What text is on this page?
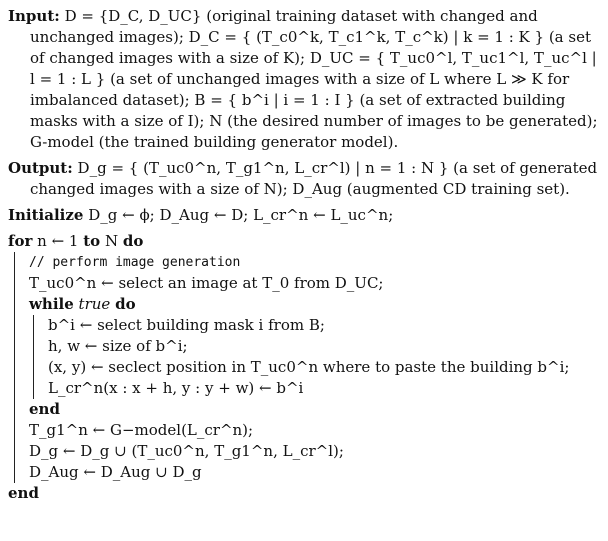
Input: D = {D_C, D_UC} (original training dataset with changed and unchanged images); D_C = { (T_c0^k, T_c1^k, T_c^k) | k = 1 : K } (a set of changed images with a size of K); D_UC = { T_uc0^l, T_uc1^l, T_uc^l | l = 1 : L } (a set of unchanged images with a size of L where L ≫ K for imbalanced dataset); B = { b^i | i = 1 : I } (a set of extracted building masks with a size of I); N (the desired number of images to be generated); G-model (the trained building generator model).

Output: D_g = { (T_uc0^n, T_g1^n, L_cr^l) | n = 1 : N } (a set of generated changed images with a size of N); D_Aug (augmented CD training set).

Initialize D_g ← ϕ; D_Aug ← D; L_cr^n ← L_uc^n;

for n ← 1 to N do
// perform image generation
T_uc0^n ← select an image at T_0 from D_UC;
while true do
b^i ← select building mask i from B;
h, w ← size of b^i;
(x, y) ← seclect position in T_uc0^n where to paste the building b^i;
L_cr^n(x : x + h, y : y + w) ← b^i
end
T_g1^n ← G−model(L_cr^n);
D_g ← D_g ∪ (T_uc0^n, T_g1^n, L_cr^l);
D_Aug ← D_Aug ∪ D_g
end
